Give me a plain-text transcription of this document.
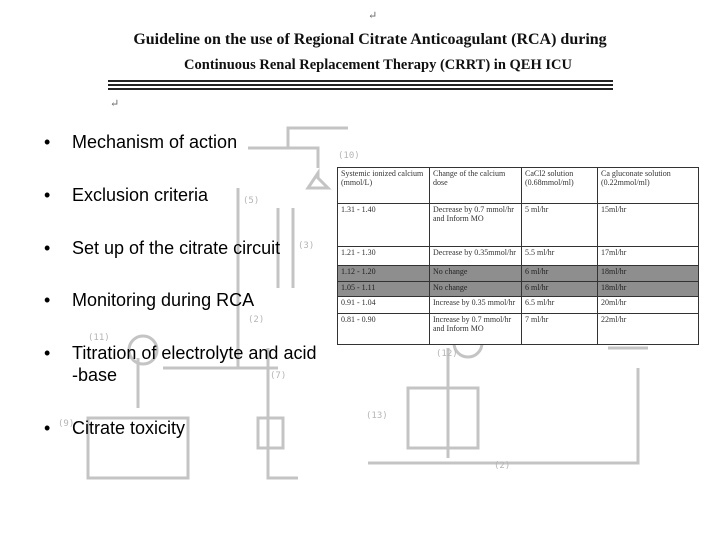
↵
Guideline on the use of Regional Citrate Anticoagulant (RCA) during
Continuous Renal Replacement Therapy (CRRT) in QEH ICU
↵
(10)
(5)
(11)
(3)
(2)
(7)
(9)
(12)
(13)
(2)
•	Mechanism of action
•	Exclusion criteria
•	Set up of the citrate circuit
•	Monitoring during RCA
•	Titration of electrolyte and acid
-base
•	Citrate toxicity
Systemic ionized calcium (mmol/L)	Change of the calcium dose	CaCl2 solution (0.68mmol/ml)	Ca gluconate solution (0.22mmol/ml)
1.31 - 1.40	Decrease by 0.7 mmol/hr and Inform MO	5 ml/hr	15ml/hr
1.21 - 1.30	Decrease by 0.35mmol/hr	5.5 ml/hr	17ml/hr
1.12 - 1.20	No change	6 ml/hr	18ml/hr
1.05 - 1.11	No change	6 ml/hr	18ml/hr
0.91 - 1.04	Increase by 0.35 mmol/hr	6.5 ml/hr	20ml/hr
0.81 - 0.90	Increase by 0.7 mmol/hr and Inform MO	7 ml/hr	22ml/hr
